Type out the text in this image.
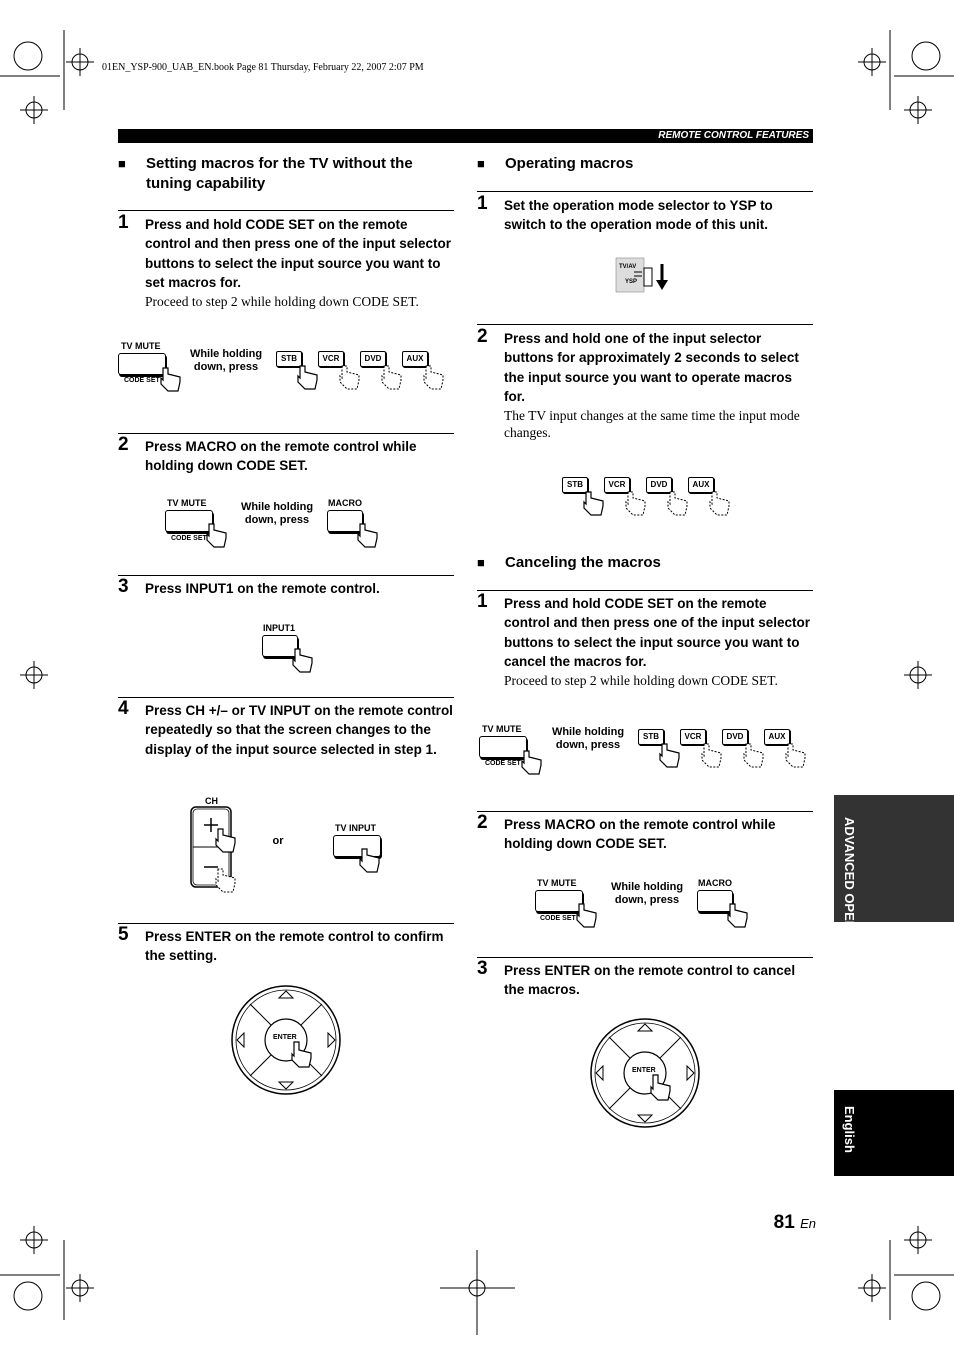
01EN_YSP-900_UAB_EN.book Page 81 Thursday, February 22, 2007 2:07 PM
REMOTE CONTROL FEATURES
■ Setting macros for the TV without the tuning capability
1 Press and hold CODE SET on the remote control and then press one of the input selector buttons to select the input source you want to set macros for.
Proceed to step 2 while holding down CODE SET.
TV MUTE
CODE SET
While holding
down, press
STB	VCR	DVD	AUX
2 Press MACRO on the remote control while holding down CODE SET.
TV MUTE
CODE SET
While holding
down, press
MACRO
3 Press INPUT1 on the remote control.
INPUT1
4 Press CH +/– or TV INPUT on the remote control repeatedly so that the screen changes to the display of the input source selected in step 1.
CH
or
TV INPUT
5 Press ENTER on the remote control to confirm the setting.
ENTER
■ Operating macros
1 Set the operation mode selector to YSP to switch to the operation mode of this unit.
TV/AV
YSP
2 Press and hold one of the input selector buttons for approximately 2 seconds to select the input source you want to operate macros for.
The TV input changes at the same time the input mode changes.
STB	VCR	DVD	AUX
■ Canceling the macros
1 Press and hold CODE SET on the remote control and then press one of the input selector buttons to select the input source you want to cancel the macros for.
Proceed to step 2 while holding down CODE SET.
TV MUTE
CODE SET
While holding
down, press
STB	VCR	DVD	AUX
2 Press MACRO on the remote control while holding down CODE SET.
TV MUTE
CODE SET
While holding
down, press
MACRO
3 Press ENTER on the remote control to cancel the macros.
ENTER
ADVANCED OPERATION
English
81 En
